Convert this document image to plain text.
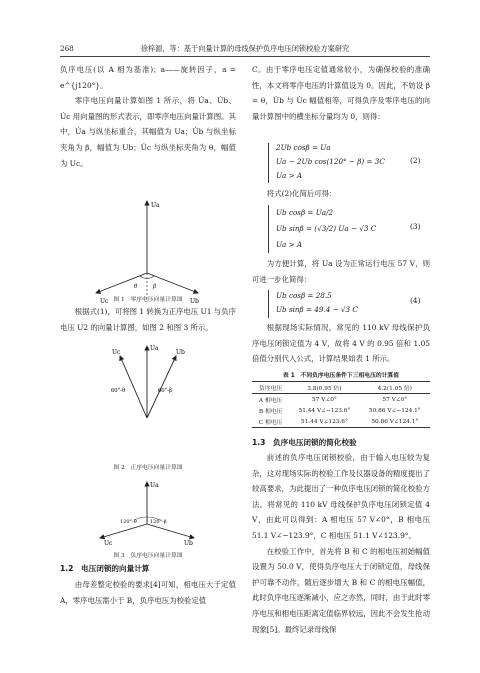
268	徐梓源，等：基于向量计算的母线保护负序电压闭锁校验方案研究

负序电压(以 A 相为基准)；a——旋转因子，a = e^{j120°}。

零序电压向量计算如图 1 所示，将 U̇a、U̇b、U̇c 用向量图的形式表示，即零序电压向量计算图。其中，U̇a 与纵坐标重合，其幅值为 Ua；U̇b 与纵坐标夹角为 β，幅值为 Ub；U̇c 与纵坐标夹角为 θ，幅值为 Uc。

Ua
Uc	Ub
θ	β
图 1　零序电压向量计算图

根据式(1)，可将图 1 转换为正序电压 U1 与负序电压 U2 的向量计算图，如图 2 和图 3 所示。

Ua
Uc	Ub
60°-θ	60°-β
图 2　正序电压向量计算图
Ua
Uc	Ub
120°-θ	120°-β
图 3　负序电压向量计算图
1.2　电压闭锁的向量计算

由母差整定校验的要求[4]可知，相电压大于定值 A，零序电压需小于 B，负序电压为校验定值

C。由于零序电压定值通常较小，为确保校验的准确性，本文将零序电压的计算值设为 0。因此，不妨设 β = θ，U̇b 与 U̇c 幅值相等，可得负序及零序电压的向量计算图中的横坐标分量均为 0，则得：

2Ub cosβ = Ua
Ua − 2Ub cos(120° − β) = 3C
Ua > A
(2)

将式(2)化简后可得：

Ub cosβ = Ua/2
Ub sinβ = (√3/2) Ua − √3 C
Ua > A
(3)

为方便计算，将 Ua 设为正常运行电压 57 V，则可进一步化简得：

Ub cosβ = 28.5
Ub sinβ = 49.4 − √3 C
(4)

根据现场实际情况，常见的 110 kV 母线保护负序电压闭锁定值为 4 V，故将 4 V 的 0.95 倍和 1.05 倍值分别代入公式，计算结果如表 1 所示。

表 1　不同负序电压条件下三相电压的计算值
负序电压	3.8(0.95 倍)	4.2(1.05 倍)
A 相电压	57 V∠0°	57 V∠0°
B 相电压	51.44 V∠−123.6°	50.86 V∠−124.1°
C 相电压	51.44 V∠123.6°	50.86 V∠124.1°
1.3　负序电压闭锁的简化校验

前述的负序电压闭锁校验，由于输入电压较为复杂，这对现场实际的校验工作及仪器设备的精度提出了较高要求，为此提出了一种负序电压闭锁的简化校验方法。将常见的 110 kV 母线保护负序电压闭锁定值 4 V，由此可以得到：A 相电压 57 V∠0°，B 相电压 51.1 V∠−123.9°，C 相电压 51.1 V∠123.9°。

在校验工作中，首先将 B 和 C 的相电压初始幅值设置为 50.0 V，使得负序电压大于闭锁定值，母线保护可靠不动作，随后逐步增大 B 和 C 的相电压幅值，此时负序电压逐渐减小，应之亦然，同时，由于此时零序电压和相电压距离定值临界较远，因此不会发生抢动现象[5]。最终记录母线保
